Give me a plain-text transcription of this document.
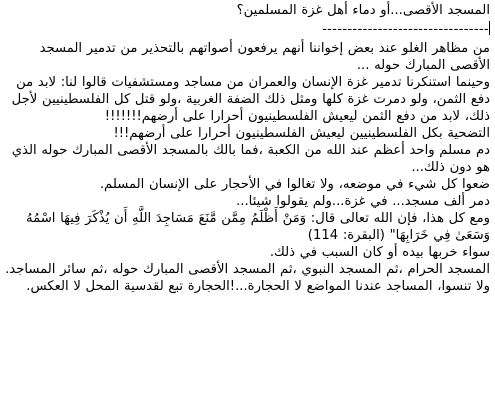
المسجد الأقصى...أو دماء أهل غزة المسلمين؟

---------------------------------

من مظاهر الغلو عند بعض إخواننا أنهم يرفعون أصواتهم بالتحذير من تدمير المسجد الأقصى المبارك حوله ...

وحينما استنكرنا تدمير غزة الإنسان والعمران من مساجد ومستشفيات قالوا لنا: لابد من دفع الثمن، ولو دمرت غزة كلها ومثل ذلك الضفة الغربية ،ولو قتل كل الفلسطينيين لأجل ذلك، لابد من دفع الثمن ليعيش الفلسطينيون أحرارا على أرضهم!!!!!!!

التضحية بكل الفلسطينيين ليعيش الفلسطينيون أحرارا على أرضهم!!!

دم مسلم واحد أعظم عند الله من الكعبة ،فما بالك بالمسجد الأقصى المبارك حوله الذي هو دون ذلك...

ضعوا كل شيء في موضعه، ولا تغالوا في الأحجار على الإنسان المسلم.

دمر ألف مسجد... في غزة...ولم يقولوا شيئا...

ومع كل هذا، فإن الله تعالى قال: وَمَنْ أَظْلَمُ مِمَّن مَّنَعَ مَسَاجِدَ اللَّهِ أَن يُذْكَرَ فِيهَا اسْمُهُ وَسَعَىٰ فِي خَرَابِهَا" (البقرة: 114)

سواء خربها بيده أو كان السبب في ذلك.

المسجد الحرام ،ثم المسجد النبوي ،ثم المسجد الأقصى المبارك حوله ،ثم سائر المساجد.

ولا تنسوا، المساجد عندنا المواضع لا الحجارة...!الحجارة تبع لقدسية المحل لا العكس.
